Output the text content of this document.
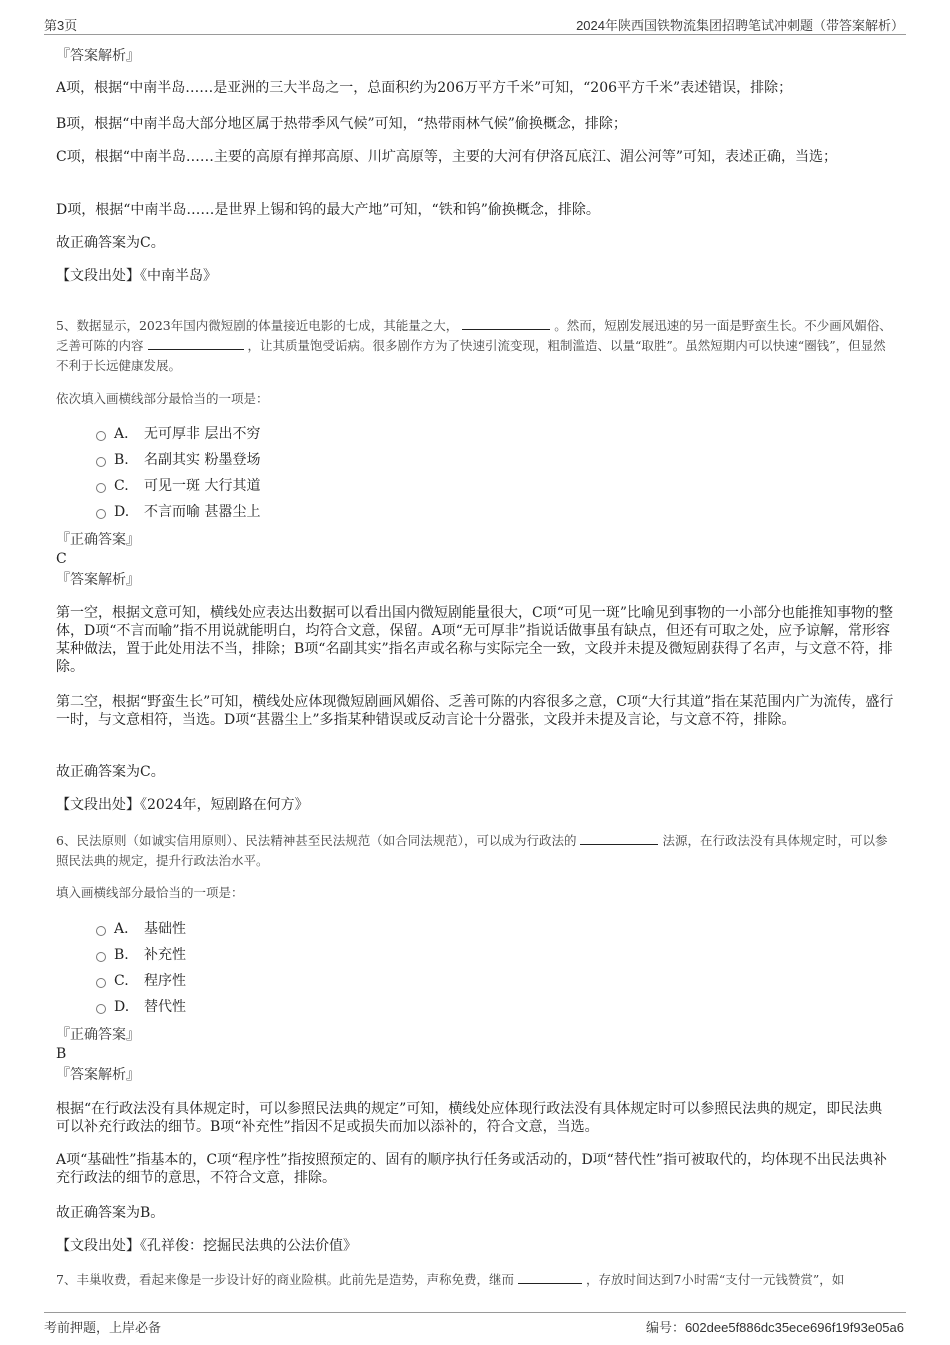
第3页	2024年陕西国铁物流集团招聘笔试冲刺题（带答案解析）
『答案解析』

A项，根据“中南半岛……是亚洲的三大半岛之一，总面积约为206万平方千米”可知，“206平方千米”表述错误，排除；

B项，根据“中南半岛大部分地区属于热带季风气候”可知，“热带雨林气候”偷换概念，排除；

C项，根据“中南半岛……主要的高原有掸邦高原、川圹高原等，主要的大河有伊洛瓦底江、湄公河等”可知，表述正确，当选；

D项，根据“中南半岛……是世界上锡和钨的最大产地”可知，“铁和钨”偷换概念，排除。

故正确答案为C。

【文段出处】《中南半岛》

5、数据显示，2023年国内微短剧的体量接近电影的七成，其能量之大，	。然而，短剧发展迅速的另一面是野蛮生长。不少画风媚俗、乏善可陈的内容	，让其质量饱受诟病。很多剧作方为了快速引流变现，粗制滥造、以量“取胜”。虽然短期内可以快速“圈钱”，但显然不利于长远健康发展。
依次填入画横线部分最恰当的一项是：
A． 无可厚非 层出不穷
B. 名副其实 粉墨登场
C. 可见一斑 大行其道
D. 不言而喻 甚嚣尘上
『正确答案』
C
『答案解析』

第一空，根据文意可知，横线处应表达出数据可以看出国内微短剧能量很大，C项“可见一斑”比喻见到事物的一小部分也能推知事物的整体，D项“不言而喻”指不用说就能明白，均符合文意，保留。A项“无可厚非”指说话做事虽有缺点，但还有可取之处，应予谅解，常形容某种做法，置于此处用法不当，排除；B项“名副其实”指名声或名称与实际完全一致，文段并未提及微短剧获得了名声，与文意不符，排除。

第二空，根据“野蛮生长”可知，横线处应体现微短剧画风媚俗、乏善可陈的内容很多之意，C项“大行其道”指在某范围内广为流传，盛行一时，与文意相符，当选。D项“甚嚣尘上”多指某种错误或反动言论十分嚣张，文段并未提及言论，与文意不符，排除。

故正确答案为C。

【文段出处】《2024年，短剧路在何方》

6、民法原则（如诚实信用原则）、民法精神甚至民法规范（如合同法规范），可以成为行政法的	法源，在行政法没有具体规定时，可以参照民法典的规定，提升行政法治水平。
填入画横线部分最恰当的一项是：
A． 基础性
B. 补充性
C. 程序性
D. 替代性
『正确答案』
B
『答案解析』

根据“在行政法没有具体规定时，可以参照民法典的规定”可知，横线处应体现行政法没有具体规定时可以参照民法典的规定，即民法典可以补充行政法的细节。B项“补充性”指因不足或损失而加以添补的，符合文意，当选。

A项“基础性”指基本的，C项“程序性”指按照预定的、固有的顺序执行任务或活动的，D项“替代性”指可被取代的，均体现不出民法典补充行政法的细节的意思，不符合文意，排除。

故正确答案为B。

【文段出处】《孔祥俊：挖掘民法典的公法价值》

7、丰巢收费，看起来像是一步设计好的商业险棋。此前先是造势，声称免费，继而	，存放时间达到7小时需“支付一元钱赞赏”，如
考前押题，上岸必备	编号：602dee5f886dc35ece696f19f93e05a6
